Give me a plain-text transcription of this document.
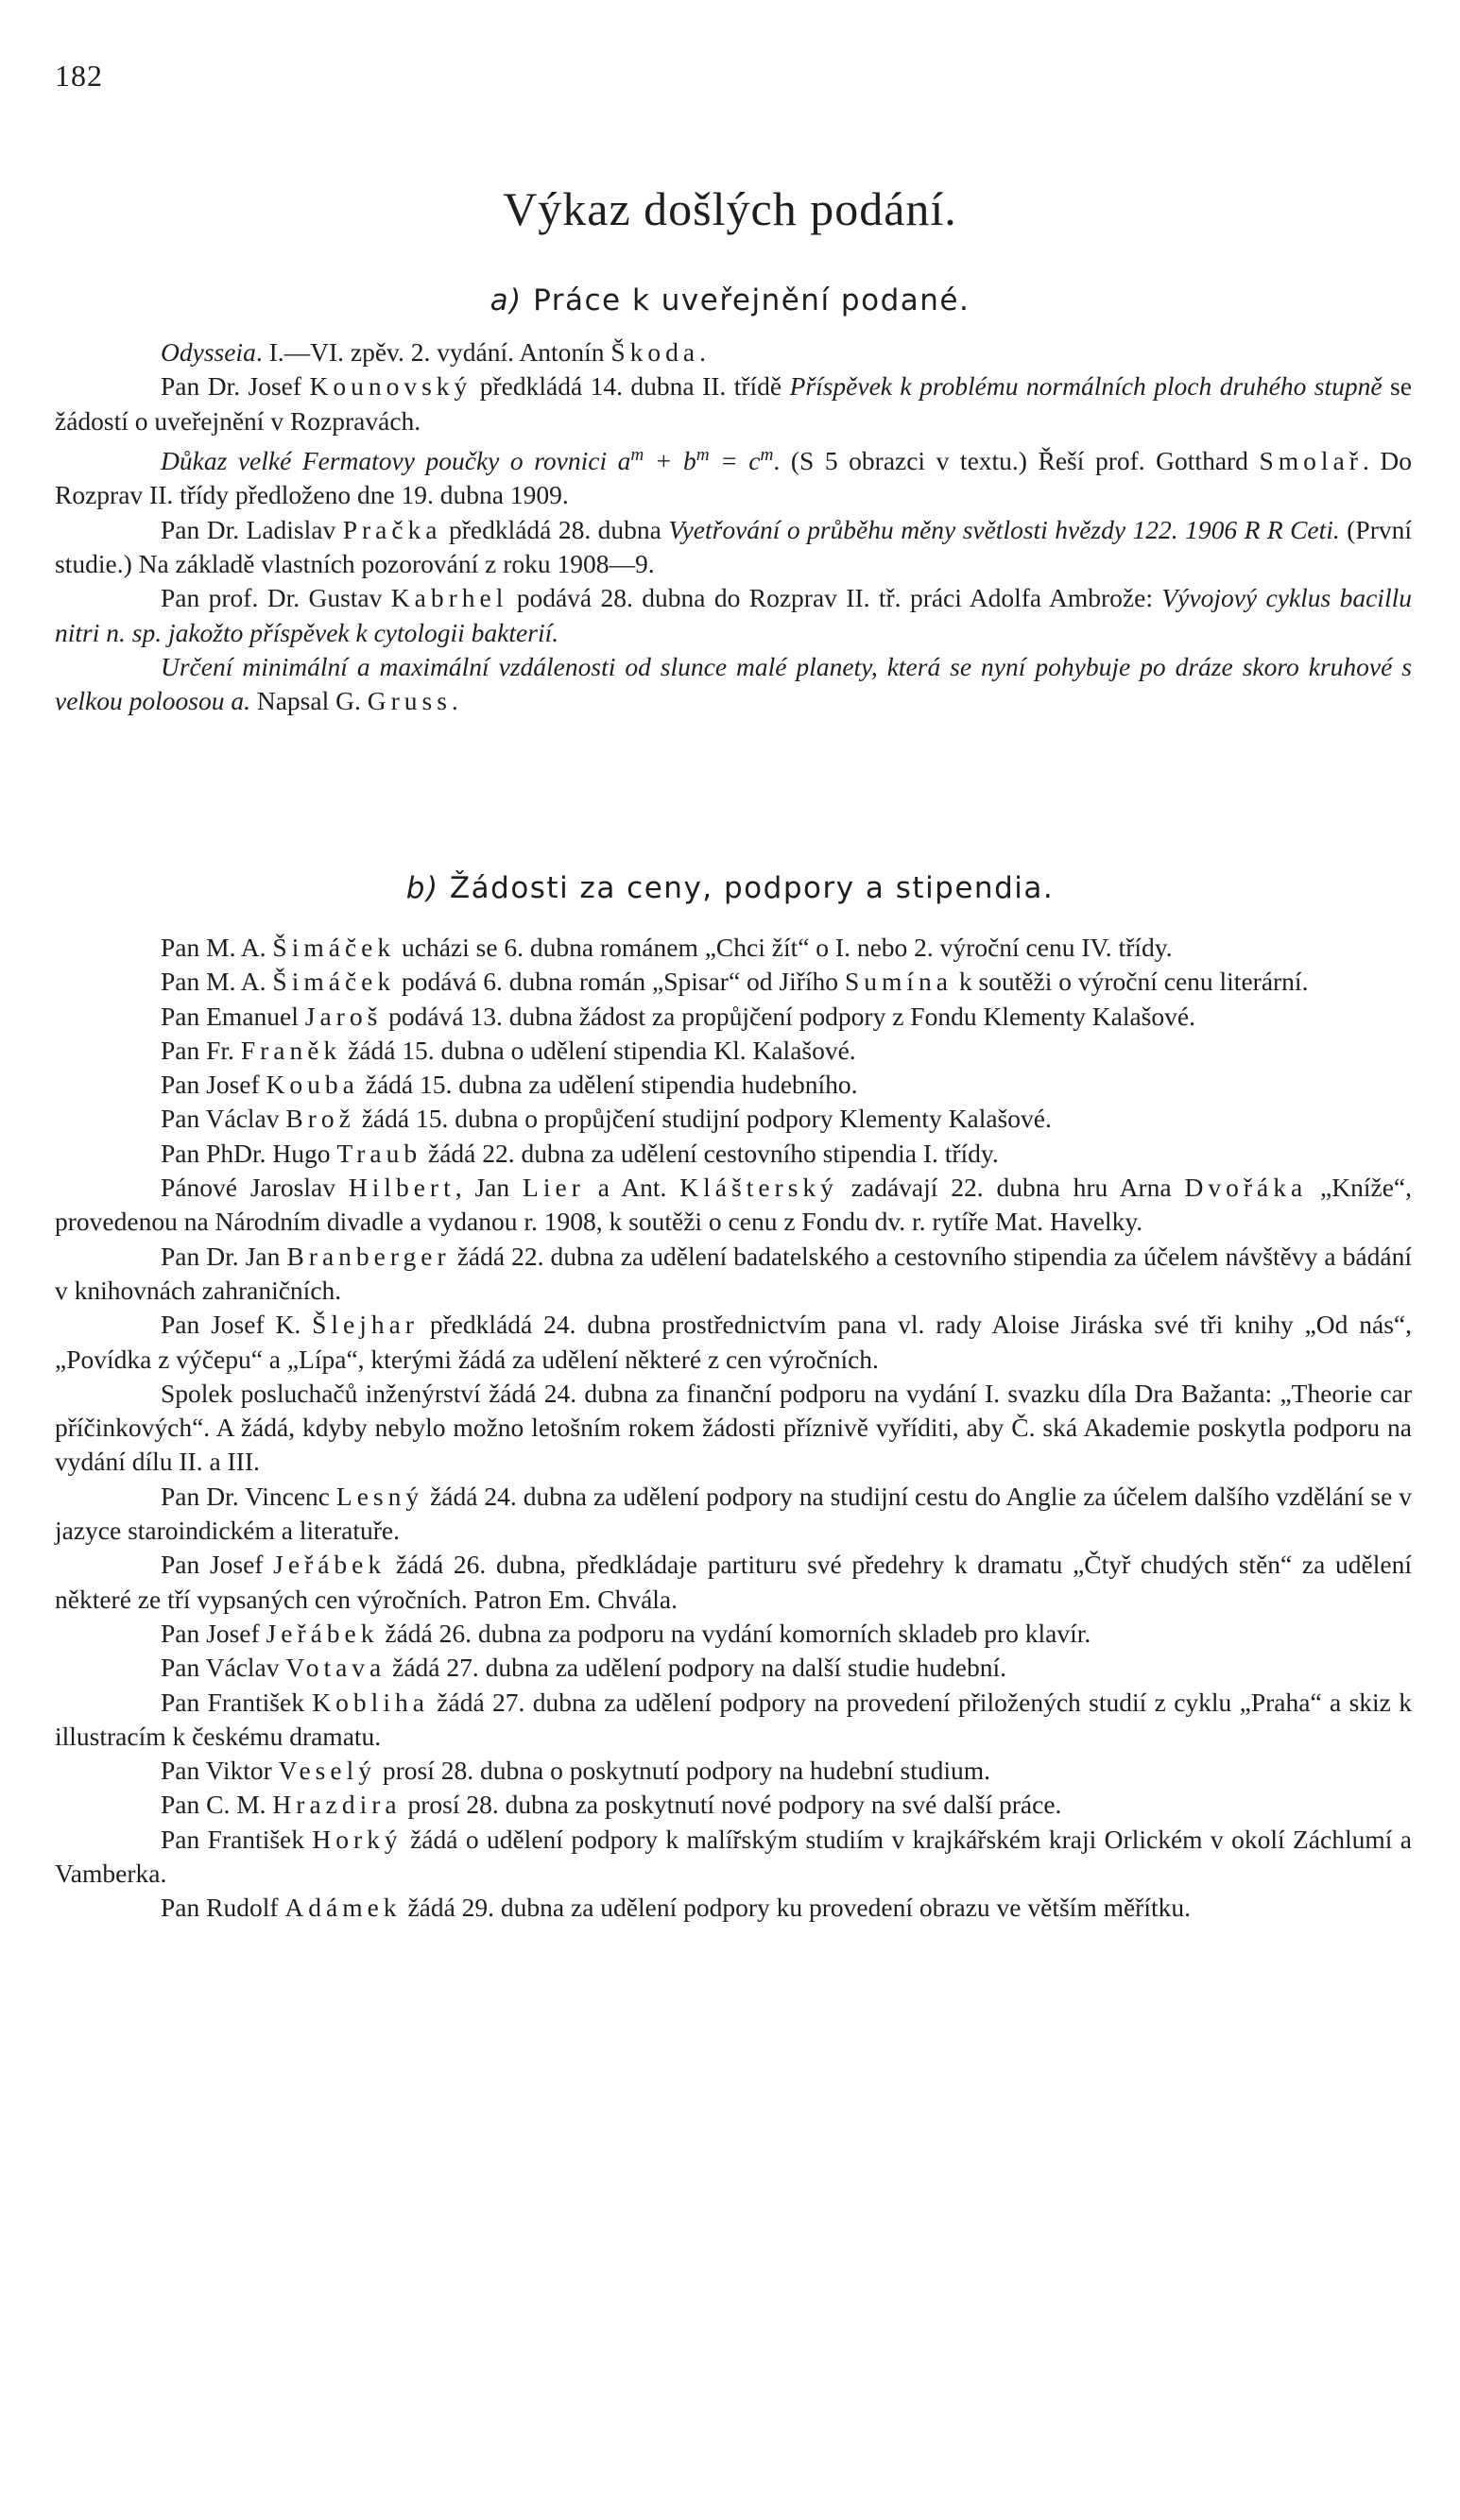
182
Výkaz došlých podání.
a) Práce k uveřejnění podané.

Odysseia. I.—VI. zpěv. 2. vydání. Antonín Škoda.

Pan Dr. Josef Kounovský předkládá 14. dubna II. třídě Příspěvek k problému normálních ploch druhého stupně se žádostí o uveřejnění v Rozpravách.

Důkaz velké Fermatovy poučky o rovnici $a^m + b^m = c^m$. (S 5 obrazci v textu.) Řeší prof. Gotthard Smolař. Do Rozprav II. třídy předloženo dne 19. dubna 1909.

Pan Dr. Ladislav Pračka předkládá 28. dubna Vyetřování o průběhu měny světlosti hvězdy 122. 1906 R R Ceti. (První studie.) Na základě vlastních pozorování z roku 1908—9.

Pan prof. Dr. Gustav Kabrhel podává 28. dubna do Rozprav II. tř. práci Adolfa Ambrože: Vývojový cyklus bacillu nitri n. sp. jakožto příspěvek k cytologii bakterií.

Určení minimální a maximální vzdálenosti od slunce malé planety, která se nyní pohybuje po dráze skoro kruhové s velkou poloosou a. Napsal G. Gruss.

b) Žádosti za ceny, podpory a stipendia.

Pan M. A. Šimáček ucházi se 6. dubna románem „Chci žít“ o I. nebo 2. výroční cenu IV. třídy.

Pan M. A. Šimáček podává 6. dubna román „Spisar“ od Jiřího Sumína k soutěži o výroční cenu literární.

Pan Emanuel Jaroš podává 13. dubna žádost za propůjčení podpory z Fondu Klementy Kalašové.

Pan Fr. Franěk žádá 15. dubna o udělení stipendia Kl. Kalašové.

Pan Josef Kouba žádá 15. dubna za udělení stipendia hudebního.

Pan Václav Brož žádá 15. dubna o propůjčení studijní podpory Klementy Kalašové.

Pan PhDr. Hugo Traub žádá 22. dubna za udělení cestovního stipendia I. třídy.

Pánové Jaroslav Hilbert, Jan Lier a Ant. Klášterský zadávají 22. dubna hru Arna Dvořáka „Kníže“, provedenou na Národním divadle a vydanou r. 1908, k soutěži o cenu z Fondu dv. r. rytíře Mat. Havelky.

Pan Dr. Jan Branberger žádá 22. dubna za udělení badatelského a cestovního stipendia za účelem návštěvy a bádání v knihovnách zahraničních.

Pan Josef K. Šlejhar předkládá 24. dubna prostřednictvím pana vl. rady Aloise Jiráska své tři knihy „Od nás“, „Povídka z výčepu“ a „Lípa“, kterými žádá za udělení některé z cen výročních.

Spolek posluchačů inženýrství žádá 24. dubna za finanční podporu na vydání I. svazku díla Dra Bažanta: „Theorie car příčinkových“. A žádá, kdyby nebylo možno letošním rokem žádosti příznivě vyříditi, aby Č. ská Akademie poskytla podporu na vydání dílu II. a III.

Pan Dr. Vincenc Lesný žádá 24. dubna za udělení podpory na studijní cestu do Anglie za účelem dalšího vzdělání se v jazyce staroindickém a literatuře.

Pan Josef Jeřábek žádá 26. dubna, předkládaje partituru své předehry k dramatu „Čtyř chudých stěn“ za udělení některé ze tří vypsaných cen výročních. Patron Em. Chvála.

Pan Josef Jeřábek žádá 26. dubna za podporu na vydání komorních skladeb pro klavír.

Pan Václav Votava žádá 27. dubna za udělení podpory na další studie hudební.

Pan František Kobliha žádá 27. dubna za udělení podpory na provedení přiložených studií z cyklu „Praha“ a skiz k illustracím k českému dramatu.

Pan Viktor Veselý prosí 28. dubna o poskytnutí podpory na hudební studium.

Pan C. M. Hrazdira prosí 28. dubna za poskytnutí nové podpory na své další práce.

Pan František Horký žádá o udělení podpory k malířským studiím v krajkářském kraji Orlickém v okolí Záchlumí a Vamberka.

Pan Rudolf Adámek žádá 29. dubna za udělení podpory ku provedení obrazu ve větším měřítku.
